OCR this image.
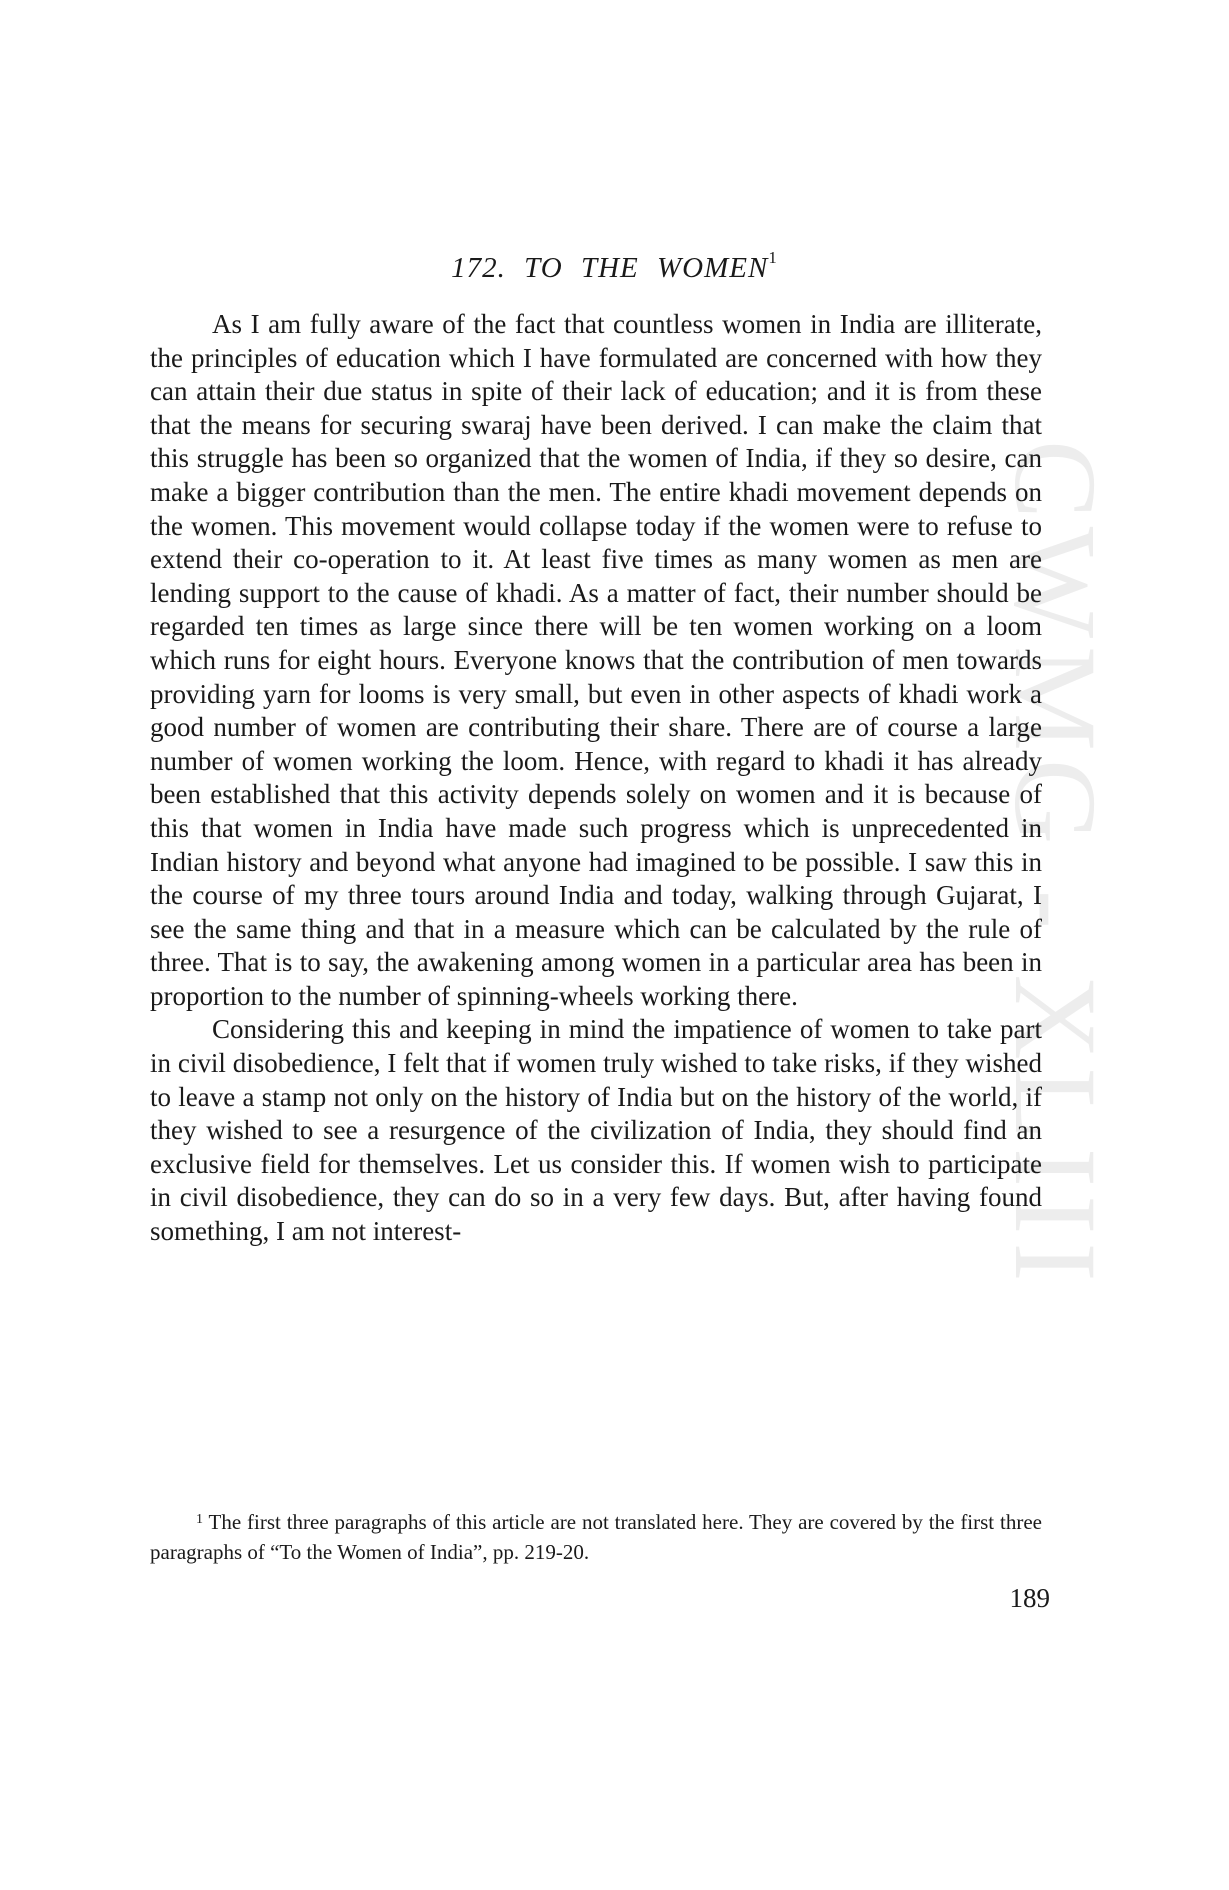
CWMG - XLIII
172. TO THE WOMEN$^1$

As I am fully aware of the fact that countless women in India are illiterate, the principles of education which I have formulated are concerned with how they can attain their due status in spite of their lack of education; and it is from these that the means for securing swaraj have been derived. I can make the claim that this struggle has been so organized that the women of India, if they so desire, can make a bigger contribution than the men. The entire khadi movement depends on the women. This movement would collapse today if the women were to refuse to extend their co-operation to it. At least five times as many women as men are lending support to the cause of khadi. As a matter of fact, their number should be regarded ten times as large since there will be ten women working on a loom which runs for eight hours. Everyone knows that the contribution of men towards providing yarn for looms is very small, but even in other aspects of khadi work a good number of women are contributing their share. There are of course a large number of women working the loom. Hence, with regard to khadi it has already been established that this activity depends solely on women and it is because of this that women in India have made such progress which is unprecedented in Indian history and beyond what anyone had imagined to be possible. I saw this in the course of my three tours around India and today, walking through Gujarat, I see the same thing and that in a measure which can be calculated by the rule of three. That is to say, the awakening among women in a particular area has been in proportion to the number of spinning-wheels working there.

Considering this and keeping in mind the impatience of women to take part in civil disobedience, I felt that if women truly wished to take risks, if they wished to leave a stamp not only on the history of India but on the history of the world, if they wished to see a resurgence of the civilization of India, they should find an exclusive field for themselves. Let us consider this. If women wish to participate in civil disobedience, they can do so in a very few days. But, after having found something, I am not interest-

$^1$ The first three paragraphs of this article are not translated here. They are covered by the first three paragraphs of “To the Women of India”, pp. 219-20.

189
